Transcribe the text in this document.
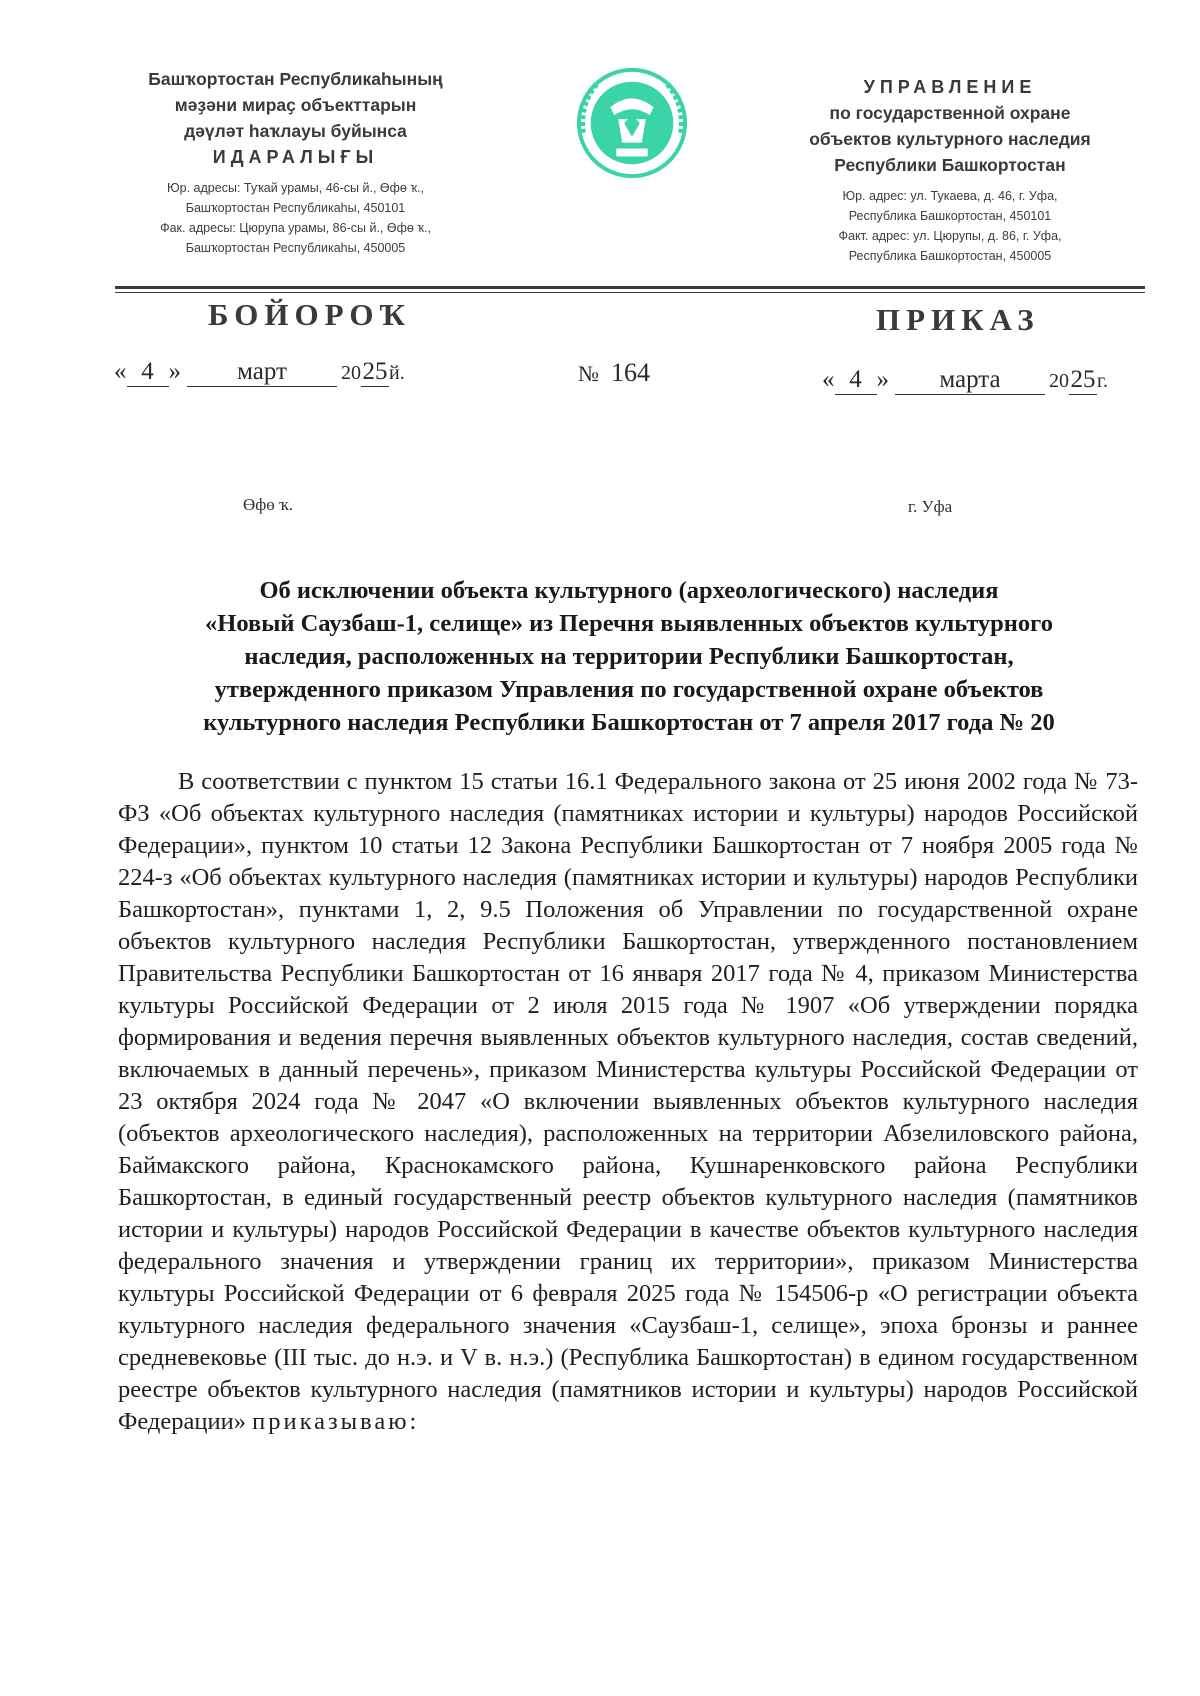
Башҡортостан Республикаһының

мәҙәни мираҫ объекттарын

дәүләт һаҡлауы буйынса

ИДАРАЛЫҒЫ

Юр. адресы: Туҡай урамы, 46-сы й., Өфө ҡ.,
Башҡортостан Республикаһы, 450101
Фак. адресы: Цюрупа урамы, 86-сы й., Өфө ҡ.,
Башҡортостан Республикаһы, 450005

УПРАВЛЕНИЕ

по государственной охране

объектов культурного наследия

Республики Башкортостан

Юр. адрес: ул. Тукаева, д. 46, г. Уфа,
Республика Башкортостан, 450101
Факт. адрес: ул. Цюрупы, д. 86, г. Уфа,
Республика Башкортостан, 450005
БОЙОРОҠ	ПРИКАЗ
« 4 » март	2025й.	№ 164	« 4 » марта 2025г.
Өфө ҡ.	г. Уфа
Об исключении объекта культурного (археологического) наследия
«Новый Саузбаш-1, селище» из Перечня выявленных объектов культурного
наследия, расположенных на территории Республики Башкортостан,
утвержденного приказом Управления по государственной охране объектов
культурного наследия Республики Башкортостан от 7 апреля 2017 года № 20
В соответствии с пунктом 15 статьи 16.1 Федерального закона от 25 июня 2002 года № 73-ФЗ «Об объектах культурного наследия (памятниках истории и культуры) народов Российской Федерации», пунктом 10 статьи 12 Закона Республики Башкортостан от 7 ноября 2005 года № 224-з «Об объектах культурного наследия (памятниках истории и культуры) народов Республики Башкортостан», пунктами 1, 2, 9.5 Положения об Управлении по государственной охране объектов культурного наследия Республики Башкортостан, утвержденного постановлением Правительства Республики Башкортостан от 16 января 2017 года № 4, приказом Министерства культуры Российской Федерации от 2 июля 2015 года № 1907 «Об утверждении порядка формирования и ведения перечня выявленных объектов культурного наследия, состав сведений, включаемых в данный перечень», приказом Министерства культуры Российской Федерации от 23 октября 2024 года № 2047 «О включении выявленных объектов культурного наследия (объектов археологического наследия), расположенных на территории Абзелиловского района, Баймакского района, Краснокамского района, Кушнаренковского района Республики Башкортостан, в единый государственный реестр объектов культурного наследия (памятников истории и культуры) народов Российской Федерации в качестве объектов культурного наследия федерального значения и утверждении границ их территории», приказом Министерства культуры Российской Федерации от 6 февраля 2025 года № 154506-р «О регистрации объекта культурного наследия федерального значения «Саузбаш-1, селище», эпоха бронзы и раннее средневековье (III тыс. до н.э. и V в. н.э.) (Республика Башкортостан) в едином государственном реестре объектов культурного наследия (памятников истории и культуры) народов Российской Федерации» приказываю:
